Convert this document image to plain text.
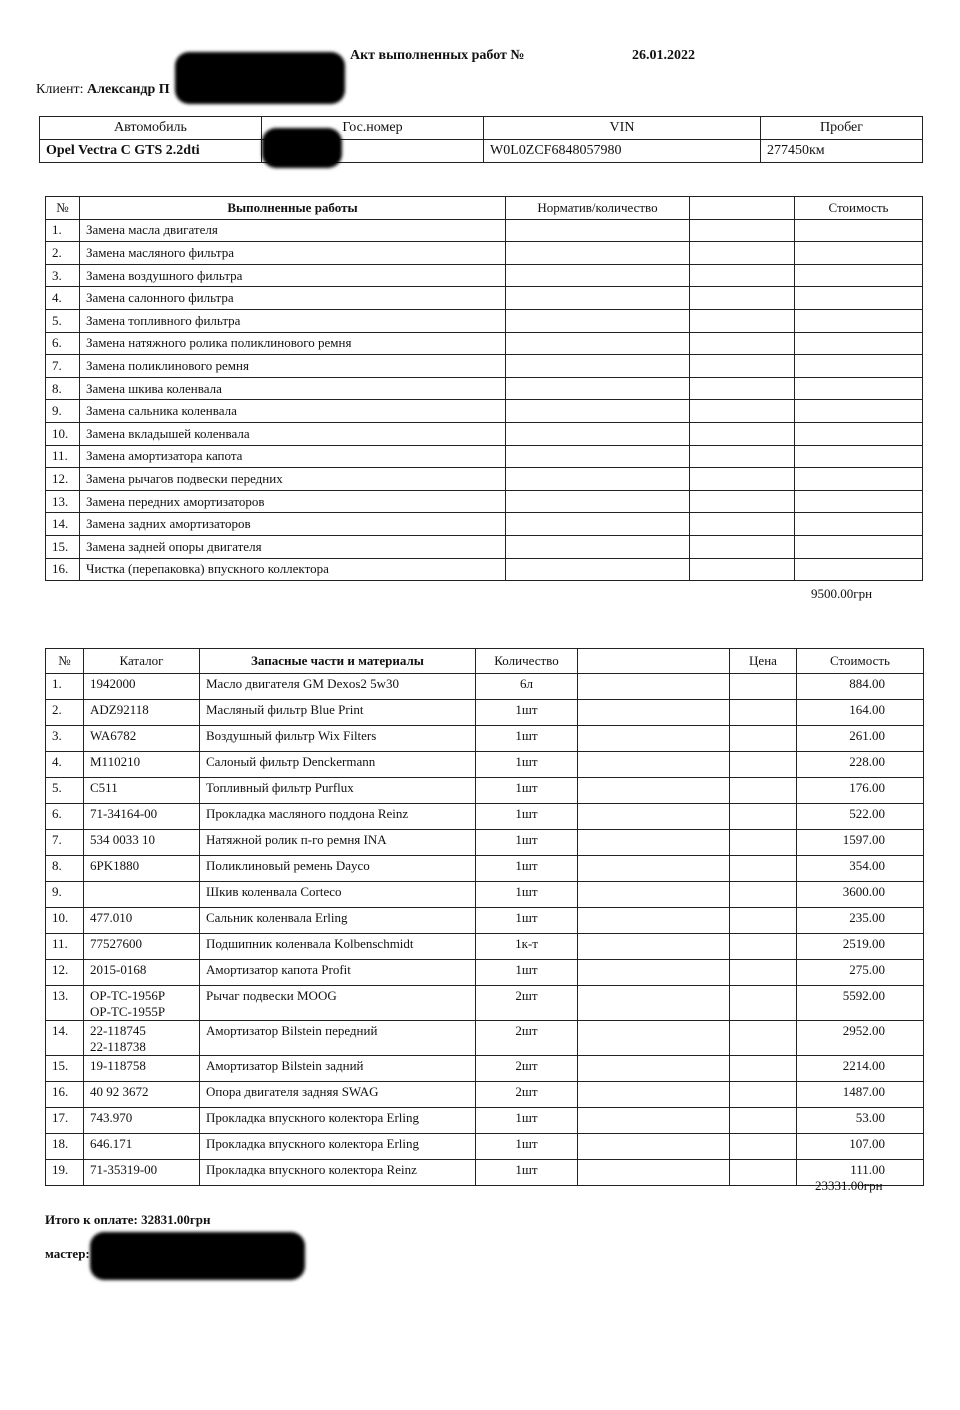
Акт выполненных работ №	26.01.2022
Клиент: Александр П
Автомобиль	Гос.номер	VIN	Пробег
Opel Vectra C GTS 2.2dti		W0L0ZCF6848057980	277450км
№	Выполненные работы	Норматив/количество		Стоимость
1.	Замена масла двигателя			
2.	Замена масляного фильтра			
3.	Замена воздушного фильтра			
4.	Замена салонного фильтра			
5.	Замена топливного фильтра			
6.	Замена натяжного ролика поликлинового ремня			
7.	Замена поликлинового ремня			
8.	Замена шкива коленвала			
9.	Замена сальника коленвала			
10.	Замена вкладышей коленвала			
11.	Замена амортизатора капота			
12.	Замена рычагов подвески передних			
13.	Замена передних амортизаторов			
14.	Замена задних амортизаторов			
15.	Замена задней опоры двигателя			
16.	Чистка (перепаковка) впускного коллектора			
9500.00грн
№	Каталог	Запасные части и материалы	Количество		Цена	Стоимость
1.	1942000	Масло двигателя GM Dexos2 5w30	6л			884.00
2.	ADZ92118	Масляный фильтр Blue Print	1шт			164.00
3.	WA6782	Воздушный фильтр Wix Filters	1шт			261.00
4.	M110210	Салоный фильтр Denckermann	1шт			228.00
5.	C511	Топливный фильтр Purflux	1шт			176.00
6.	71-34164-00	Прокладка масляного поддона Reinz	1шт			522.00
7.	534 0033 10	Натяжной ролик п-го ремня INA	1шт			1597.00
8.	6PK1880	Поликлиновый ремень Dayco	1шт			354.00
9.		Шкив коленвала Corteco	1шт			3600.00
10.	477.010	Сальник коленвала Erling	1шт			235.00
11.	77527600	Подшипник коленвала Kolbenschmidt	1к-т			2519.00
12.	2015-0168	Амортизатор капота Profit	1шт			275.00
13.	OP-TC-1956P
OP-TC-1955P	Рычаг подвески MOOG	2шт			5592.00
14.	22-118745
22-118738	Амортизатор Bilstein передний	2шт			2952.00
15.	19-118758	Амортизатор Bilstein задний	2шт			2214.00
16.	40 92 3672	Опора двигателя задняя SWAG	2шт			1487.00
17.	743.970	Прокладка впускного колектора Erling	1шт			53.00
18.	646.171	Прокладка впускного колектора Erling	1шт			107.00
19.	71-35319-00	Прокладка впускного колектора Reinz	1шт			111.00
23331.00грн
Итого к оплате: 32831.00грн
мастер:
